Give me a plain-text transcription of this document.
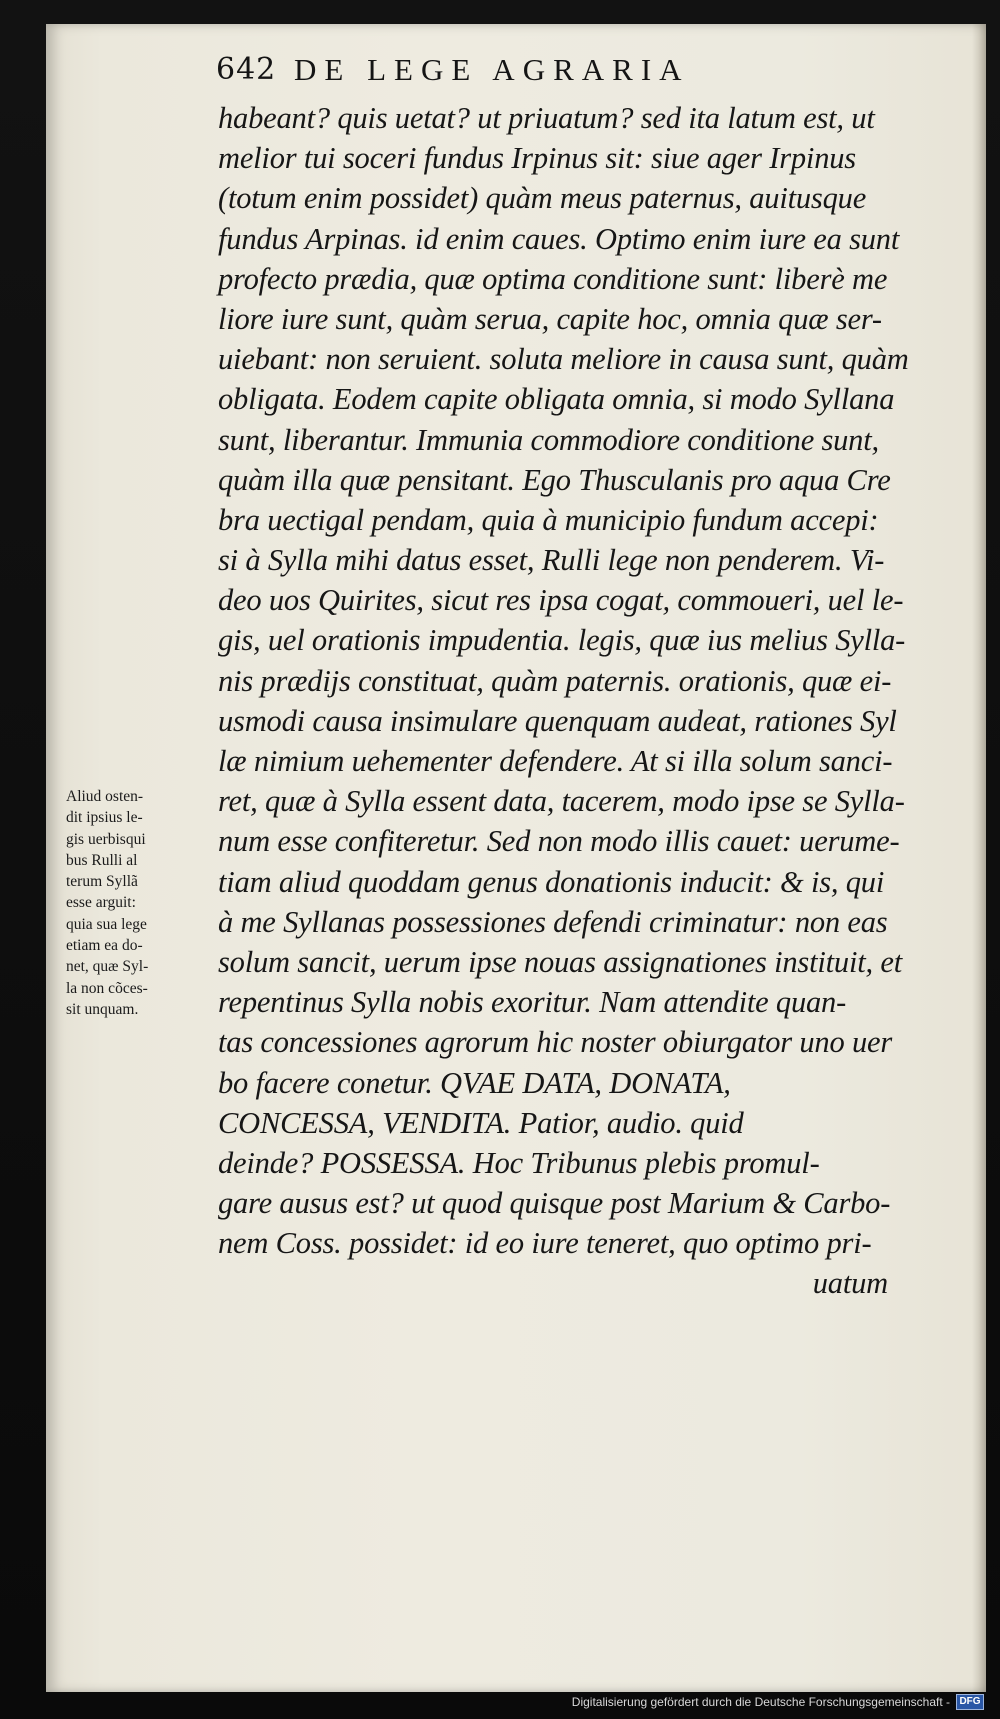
642 DE LEGE AGRARIA
habeant? quis uetat? ut priuatum? sed ita latum est, ut
melior tui soceri fundus Irpinus sit: siue ager Irpinus
(totum enim possidet) quàm meus paternus, auitusque
fundus Arpinas. id enim caues. Optimo enim iure ea sunt
profecto prædia, quæ optima conditione sunt: liberè me
liore iure sunt, quàm serua, capite hoc, omnia quæ ser-
uiebant: non seruient. soluta meliore in causa sunt, quàm
obligata. Eodem capite obligata omnia, si modo Syllana
sunt, liberantur. Immunia commodiore conditione sunt,
quàm illa quæ pensitant. Ego Thusculanis pro aqua Cre
bra uectigal pendam, quia à municipio fundum accepi:
si à Sylla mihi datus esset, Rulli lege non penderem. Vi-
deo uos Quirites, sicut res ipsa cogat, commoueri, uel le-
gis, uel orationis impudentia. legis, quæ ius melius Sylla-
nis prædijs constituat, quàm paternis. orationis, quæ ei-
usmodi causa insimulare quenquam audeat, rationes Syl
læ nimium uehementer defendere. At si illa solum sanci-
ret, quæ à Sylla essent data, tacerem, modo ipse se Sylla-
num esse confiteretur. Sed non modo illis cauet: uerume-
tiam aliud quoddam genus donationis inducit: & is, qui
à me Syllanas possessiones defendi criminatur: non eas
solum sancit, uerum ipse nouas assignationes instituit, et
repentinus Sylla nobis exoritur. Nam attendite quan-
tas concessiones agrorum hic noster obiurgator uno uer
bo facere conetur. QVAE DATA, DONATA,
CONCESSA, VENDITA. Patior, audio. quid
deinde? POSSESSA. Hoc Tribunus plebis promul-
gare ausus est? ut quod quisque post Marium & Carbo-
nem Coss. possidet: id eo iure teneret, quo optimo pri-
uatum
Aliud osten-
dit ipsius le-
gis uerbisqui
bus Rulli al
terum Syllã
esse arguit:
quia sua lege
etiam ea do-
net, quæ Syl-
la non cõces-
sit unquam.
Digitalisierung gefördert durch die Deutsche Forschungsgemeinschaft - DFG
